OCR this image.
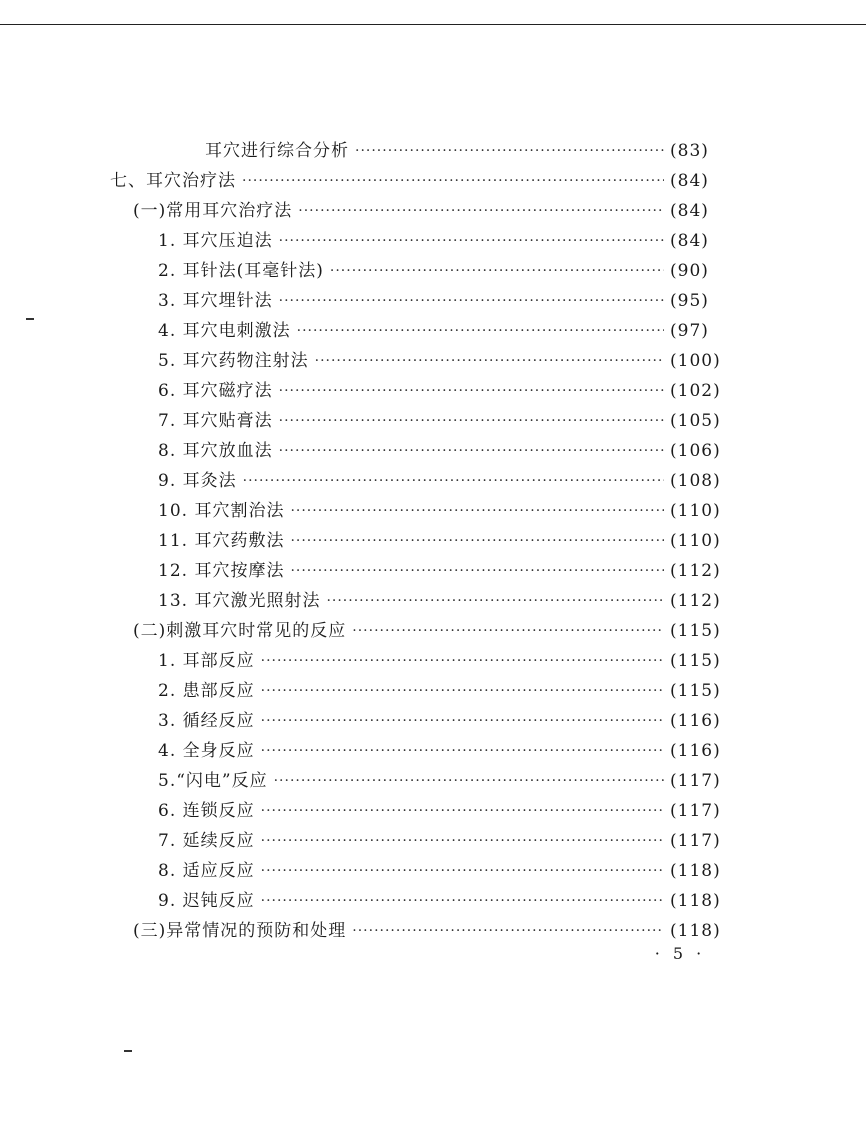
耳穴进行综合分析 ·····	(83)
七、耳穴治疗法 ·····	(84)
(一)常用耳穴治疗法 ·····	(84)
1. 耳穴压迫法 ·····	(84)
2. 耳针法(耳毫针法) ·····	(90)
3. 耳穴埋针法 ·····	(95)
4. 耳穴电刺激法 ·····	(97)
5. 耳穴药物注射法 ·····	(100)
6. 耳穴磁疗法 ·····	(102)
7. 耳穴贴膏法 ·····	(105)
8. 耳穴放血法 ·····	(106)
9. 耳灸法 ·····	(108)
10. 耳穴割治法 ·····	(110)
11. 耳穴药敷法 ·····	(110)
12. 耳穴按摩法 ·····	(112)
13. 耳穴激光照射法 ·····	(112)
(二)刺激耳穴时常见的反应 ·····	(115)
1. 耳部反应 ·····	(115)
2. 患部反应 ·····	(115)
3. 循经反应 ·····	(116)
4. 全身反应 ·····	(116)
5.“闪电”反应 ·····	(117)
6. 连锁反应 ·····	(117)
7. 延续反应 ·····	(117)
8. 适应反应 ·····	(118)
9. 迟钝反应 ·····	(118)
(三)异常情况的预防和处理 ·····	(118)
· 5 ·
